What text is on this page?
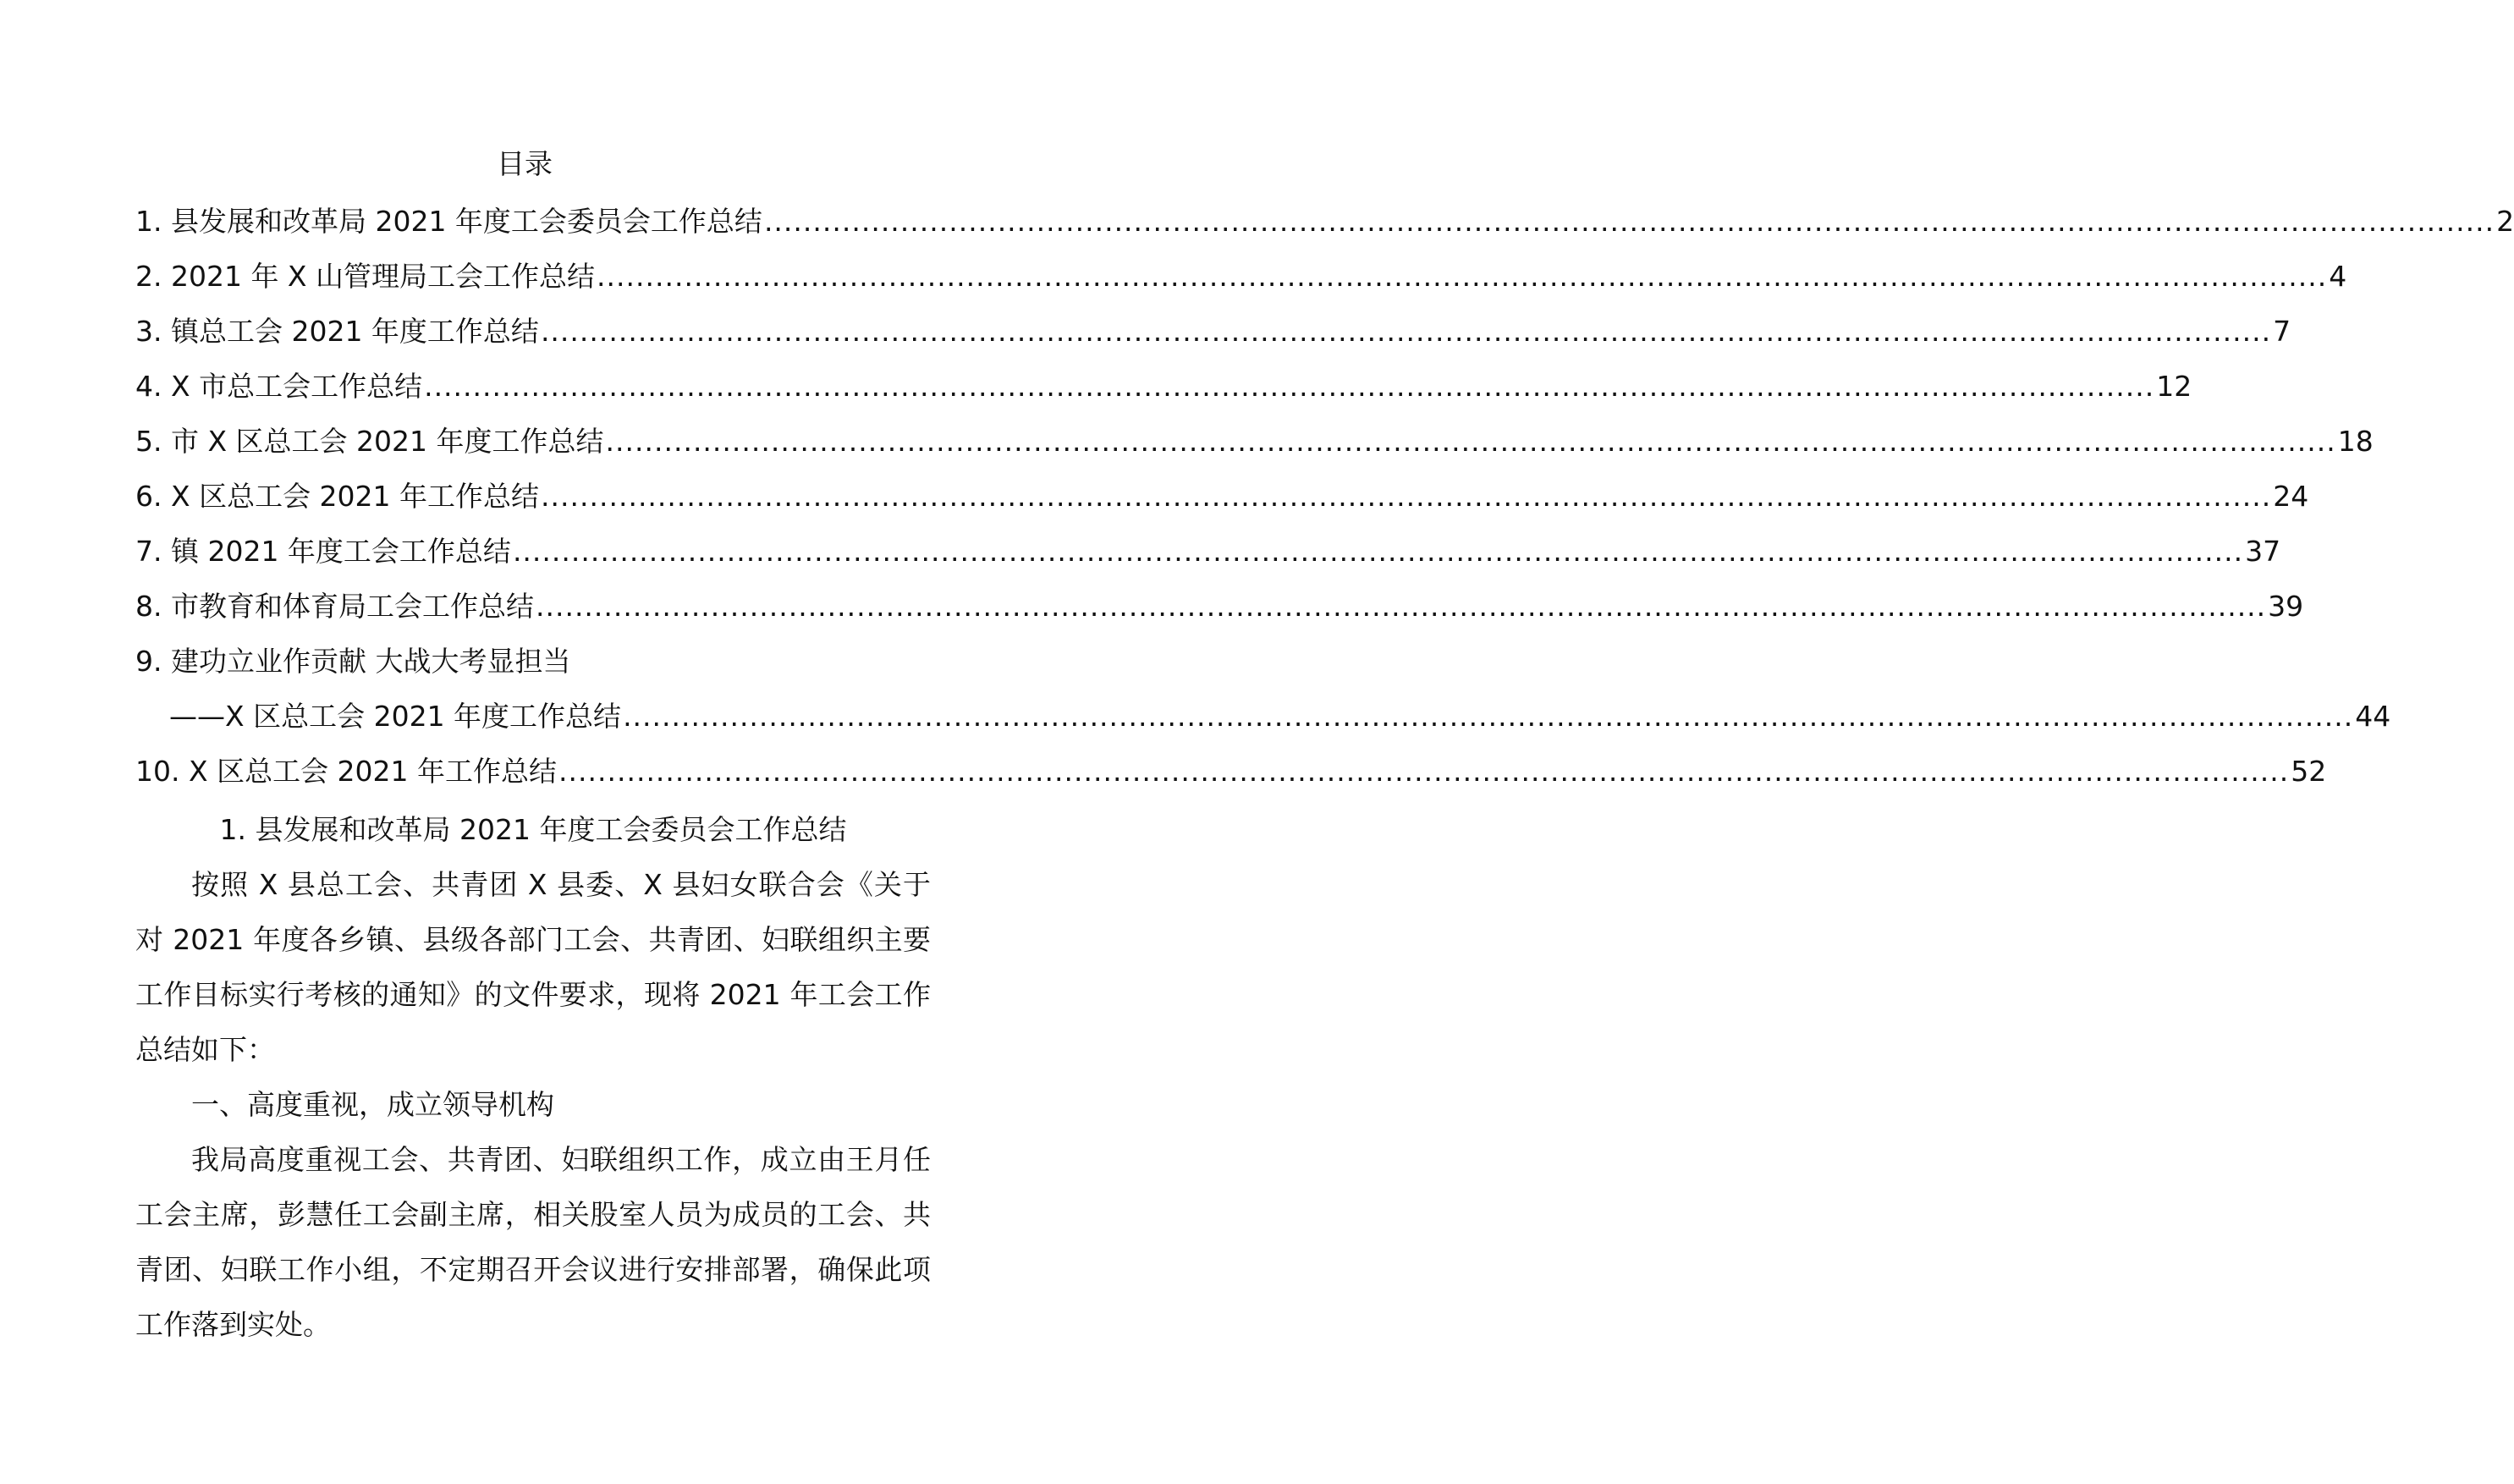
目录
1. 县发展和改革局 2021 年度工会委员会工作总结 .................................................................................................................................................................................. 2
2. 2021 年 X 山管理局工会工作总结 .................................................................................................................................................................................. 4
3. 镇总工会 2021 年度工作总结 .................................................................................................................................................................................. 7
4. X 市总工会工作总结 .................................................................................................................................................................................. 12
5. 市 X 区总工会 2021 年度工作总结 .................................................................................................................................................................................. 18
6. X 区总工会 2021 年工作总结 .................................................................................................................................................................................. 24
7. 镇 2021 年度工会工作总结 .................................................................................................................................................................................. 37
8. 市教育和体育局工会工作总结 .................................................................................................................................................................................. 39
9. 建功立业作贡献 大战大考显担当
——X 区总工会 2021 年度工作总结 .................................................................................................................................................................................. 44
10. X 区总工会 2021 年工作总结 .................................................................................................................................................................................. 52
1. 县发展和改革局 2021 年度工会委员会工作总结

按照 X 县总工会、共青团 X 县委、X 县妇女联合会《关于对 2021 年度各乡镇、县级各部门工会、共青团、妇联组织主要工作目标实行考核的通知》的文件要求，现将 2021 年工会工作总结如下：

一、高度重视，成立领导机构

我局高度重视工会、共青团、妇联组织工作，成立由王月任工会主席，彭慧任工会副主席，相关股室人员为成员的工会、共青团、妇联工作小组，不定期召开会议进行安排部署，确保此项工作落到实处。
